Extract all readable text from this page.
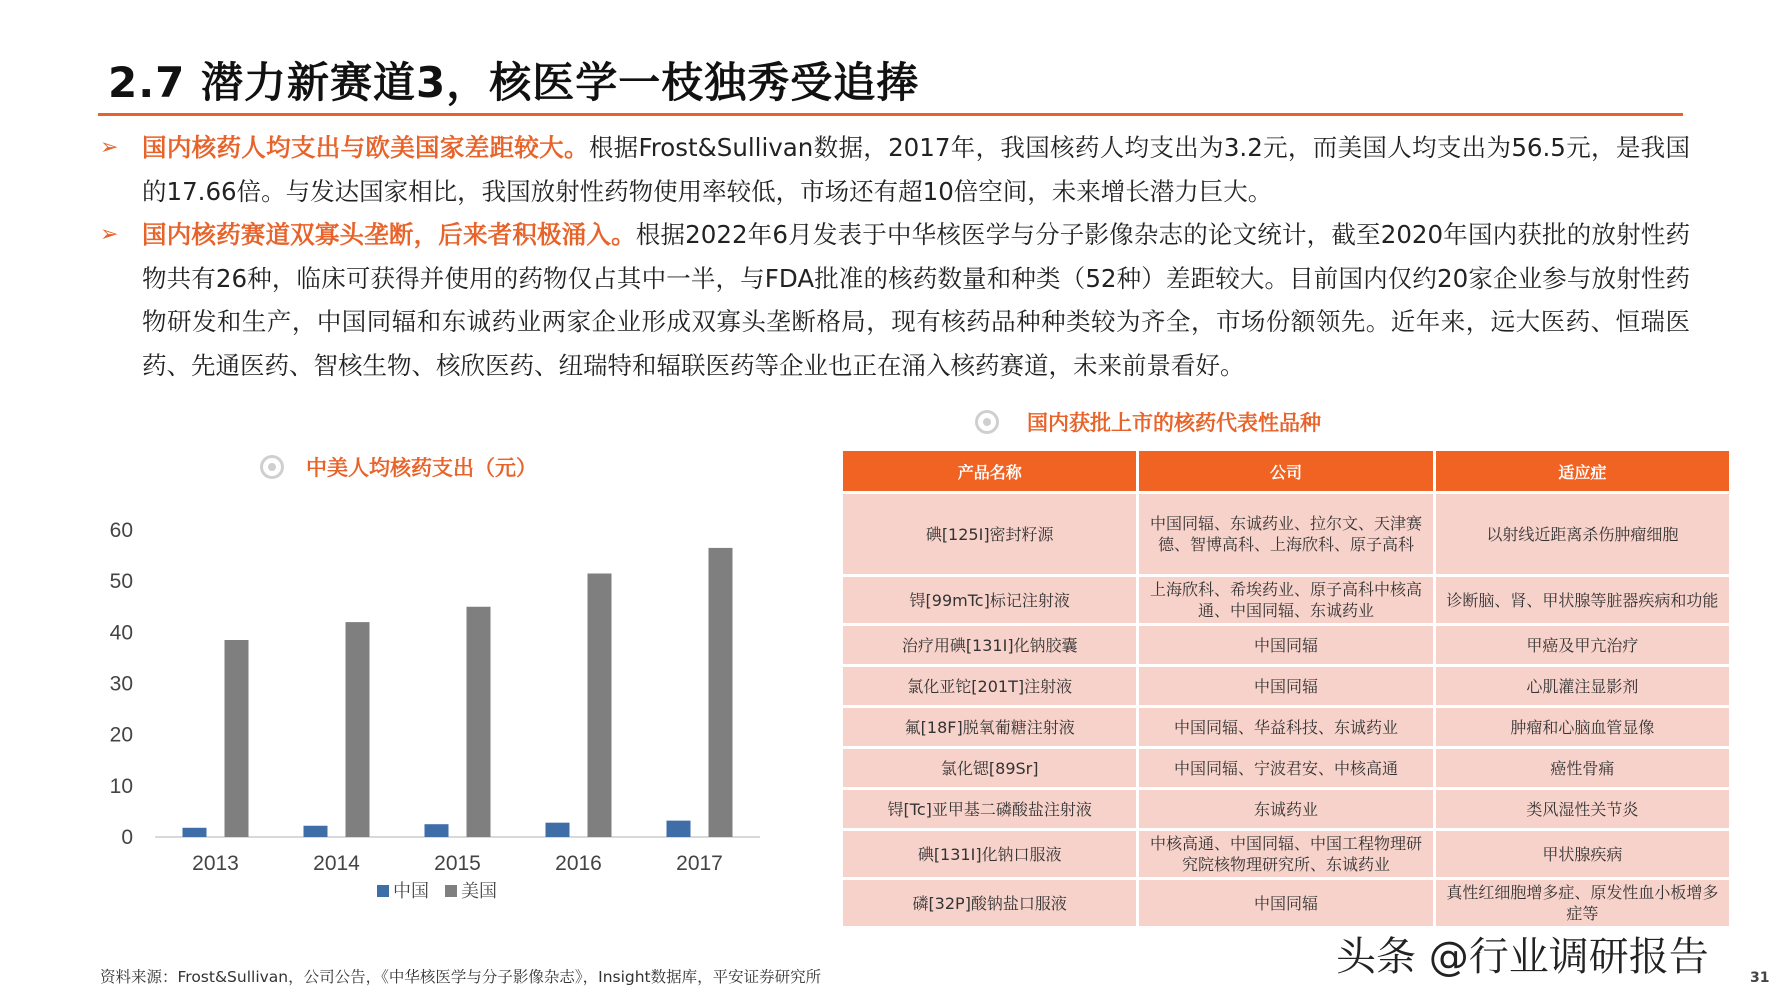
2.7 潜力新赛道3，核医学一枝独秀受追捧
➢ 国内核药人均支出与欧美国家差距较大。根据Frost&Sullivan数据，2017年，我国核药人均支出为3.2元，而美国人均支出为56.5元，是我国的17.66倍。与发达国家相比，我国放射性药物使用率较低，市场还有超10倍空间，未来增长潜力巨大。
➢ 国内核药赛道双寡头垄断，后来者积极涌入。根据2022年6月发表于中华核医学与分子影像杂志的论文统计，截至2020年国内获批的放射性药物共有26种，临床可获得并使用的药物仅占其中一半，与FDA批准的核药数量和种类（52种）差距较大。目前国内仅约20家企业参与放射性药物研发和生产，中国同辐和东诚药业两家企业形成双寡头垄断格局，现有核药品种种类较为齐全，市场份额领先。近年来，远大医药、恒瑞医药、先通医药、智核生物、核欣医药、纽瑞特和辐联医药等企业也正在涌入核药赛道，未来前景看好。
中美人均核药支出（元）
0
10
20
30
40
50
60
2013	2014	2015	2016	2017
中国 美国
国内获批上市的核药代表性品种
产品名称	公司	适应症
碘[125I]密封籽源	中国同辐、东诚药业、拉尔文、天津赛德、智博高科、上海欣科、原子高科	以射线近距离杀伤肿瘤细胞
锝[99mTc]标记注射液	上海欣科、希埃药业、原子高科中核高通、中国同辐、东诚药业	诊断脑、肾、甲状腺等脏器疾病和功能
治疗用碘[131I]化钠胶囊	中国同辐	甲癌及甲亢治疗
氯化亚铊[201T]注射液	中国同辐	心肌灌注显影剂
氟[18F]脱氧葡糖注射液	中国同辐、华益科技、东诚药业	肿瘤和心脑血管显像
氯化锶[89Sr]	中国同辐、宁波君安、中核高通	癌性骨痛
锝[Tc]亚甲基二磷酸盐注射液	东诚药业	类风湿性关节炎
碘[131I]化钠口服液	中核高通、中国同辐、中国工程物理研究院核物理研究所、东诚药业	甲状腺疾病
磷[32P]酸钠盐口服液	中国同辐	真性红细胞增多症、原发性血小板增多症等
资料来源：Frost&Sullivan，公司公告，《中华核医学与分子影像杂志》，Insight数据库，平安证券研究所	头条 @行业调研报告	31
